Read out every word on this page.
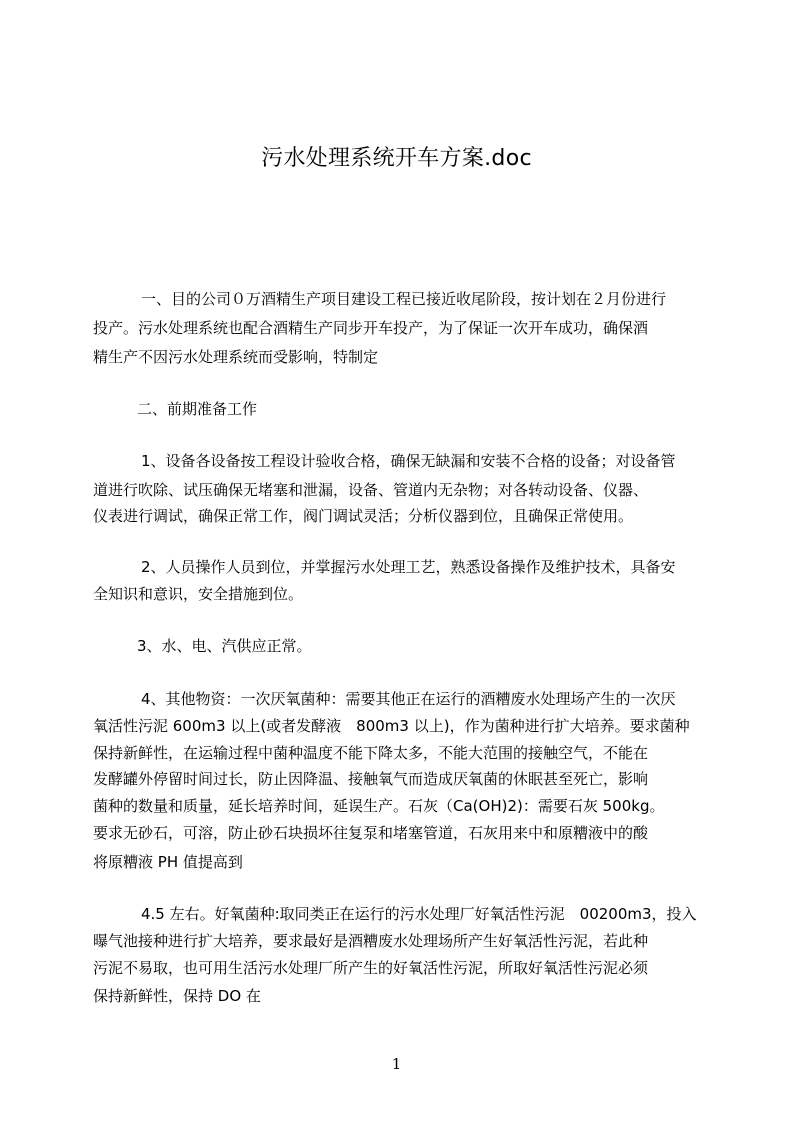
污水处理系统开车方案.doc
一、目的公司０万酒精生产项目建设工程已接近收尾阶段，按计划在２月份进行
投产。污水处理系统也配合酒精生产同步开车投产，为了保证一次开车成功，确保酒
精生产不因污水处理系统而受影响，特制定
二、前期准备工作
1、设备各设备按工程设计验收合格，确保无缺漏和安装不合格的设备；对设备管
道进行吹除、试压确保无堵塞和泄漏，设备、管道内无杂物；对各转动设备、仪器、
仪表进行调试，确保正常工作，阀门调试灵活；分析仪器到位，且确保正常使用。
2、人员操作人员到位，并掌握污水处理工艺，熟悉设备操作及维护技术，具备安
全知识和意识，安全措施到位。
3、水、电、汽供应正常。
4、其他物资：一次厌氧菌种：需要其他正在运行的酒糟废水处理场产生的一次厌
氧活性污泥 600m3 以上(或者发酵液　800m3 以上)，作为菌种进行扩大培养。要求菌种
保持新鲜性，在运输过程中菌种温度不能下降太多，不能大范围的接触空气，不能在
发酵罐外停留时间过长，防止因降温、接触氧气而造成厌氧菌的休眠甚至死亡，影响
菌种的数量和质量，延长培养时间，延误生产。石灰（Ca(OH)2)：需要石灰 500kg。
要求无砂石，可溶，防止砂石块损坏往复泵和堵塞管道，石灰用来中和原糟液中的酸
将原糟液 PH 值提高到
4.5 左右。好氧菌种:取同类正在运行的污水处理厂好氧活性污泥　00200m3，投入
曝气池接种进行扩大培养，要求最好是酒糟废水处理场所产生好氧活性污泥，若此种
污泥不易取，也可用生活污水处理厂所产生的好氧活性污泥，所取好氧活性污泥必须
保持新鲜性，保持 DO 在
1
